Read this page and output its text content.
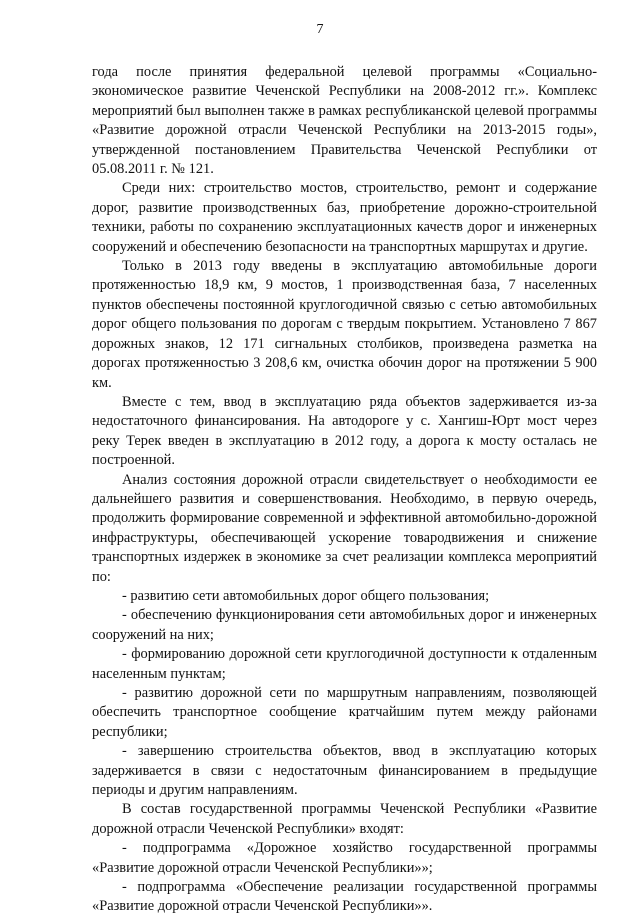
7

года после принятия федеральной целевой программы «Социально-экономическое развитие Чеченской Республики на 2008-2012 гг.». Комплекс мероприятий был выполнен также в рамках республиканской целевой программы «Развитие дорожной отрасли Чеченской Республики на 2013-2015 годы», утвержденной постановлением Правительства Чеченской Республики от 05.08.2011 г. № 121.

Среди них: строительство мостов, строительство, ремонт и содержание дорог, развитие производственных баз, приобретение дорожно-строительной техники, работы по сохранению эксплуатационных качеств дорог и инженерных сооружений и обеспечению безопасности на транспортных маршрутах и другие.

Только в 2013 году введены в эксплуатацию автомобильные дороги протяженностью 18,9 км, 9 мостов, 1 производственная база, 7 населенных пунктов обеспечены постоянной круглогодичной связью с сетью автомобильных дорог общего пользования по дорогам с твердым покрытием. Установлено 7 867 дорожных знаков, 12 171 сигнальных столбиков, произведена разметка на дорогах протяженностью 3 208,6 км, очистка обочин дорог на протяжении 5 900 км.

Вместе с тем, ввод в эксплуатацию ряда объектов задерживается из-за недостаточного финансирования. На автодороге у с. Хангиш-Юрт мост через реку Терек введен в эксплуатацию в 2012 году, а дорога к мосту осталась не построенной.

Анализ состояния дорожной отрасли свидетельствует о необходимости ее дальнейшего развития и совершенствования. Необходимо, в первую очередь, продолжить формирование современной и эффективной автомобильно-дорожной инфраструктуры, обеспечивающей ускорение товародвижения и снижение транспортных издержек в экономике за счет реализации комплекса мероприятий по:

- развитию сети автомобильных дорог общего пользования;

- обеспечению функционирования сети автомобильных дорог и инженерных сооружений на них;

- формированию дорожной сети круглогодичной доступности к отдаленным населенным пунктам;

- развитию дорожной сети по маршрутным направлениям, позволяющей обеспечить транспортное сообщение кратчайшим путем между районами республики;

- завершению строительства объектов, ввод в эксплуатацию которых задерживается в связи с недостаточным финансированием в предыдущие периоды и другим направлениям.

В состав государственной программы Чеченской Республики «Развитие дорожной отрасли Чеченской Республики» входят:

- подпрограмма «Дорожное хозяйство государственной программы «Развитие дорожной отрасли Чеченской Республики»»;

- подпрограмма «Обеспечение реализации государственной программы «Развитие дорожной отрасли Чеченской Республики»».
